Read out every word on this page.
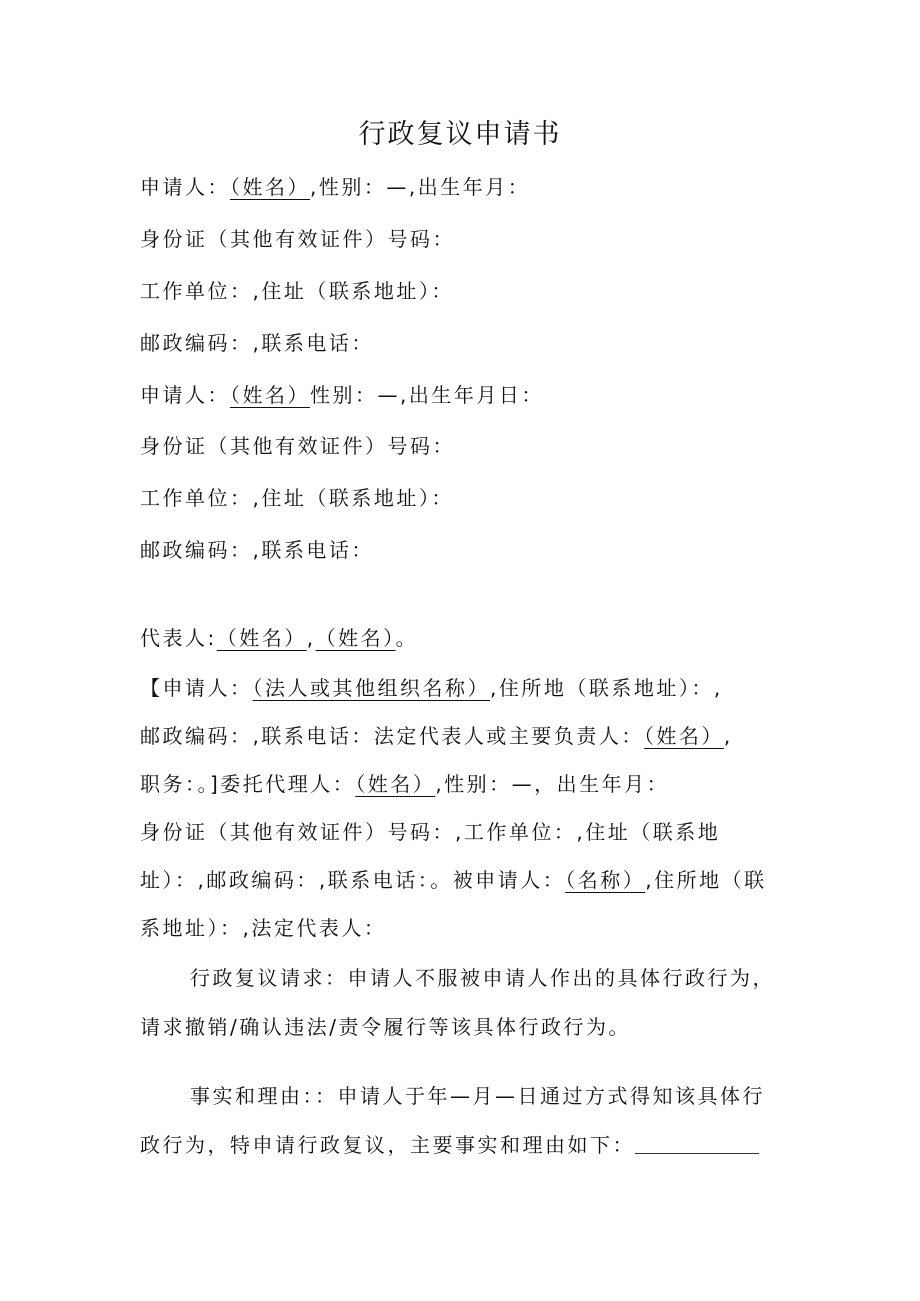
行政复议申请书
申请人：（姓名）,性别：—,出生年月：
身份证（其他有效证件）号码：
工作单位：,住址（联系地址）：
邮政编码：,联系电话：
申请人：（姓名）性别：—,出生年月日：
身份证（其他有效证件）号码：
工作单位：,住址（联系地址）：
邮政编码：,联系电话：
代表人:（姓名）,（姓名）。
【申请人：（法人或其他组织名称）,住所地（联系地址）：,
邮政编码：,联系电话：法定代表人或主要负责人：（姓名）,
职务：。]委托代理人：（姓名）,性别：—，出生年月：
身份证（其他有效证件）号码：,工作单位：,住址（联系地
址）：,邮政编码：,联系电话：。被申请人：（名称）,住所地（联
系地址）：,法定代表人：
行政复议请求：申请人不服被申请人作出的具体行政行为，
请求撤销/确认违法/责令履行等该具体行政行为。
事实和理由：：申请人于年—月—日通过方式得知该具体行
政行为，特申请行政复议，主要事实和理由如下：
